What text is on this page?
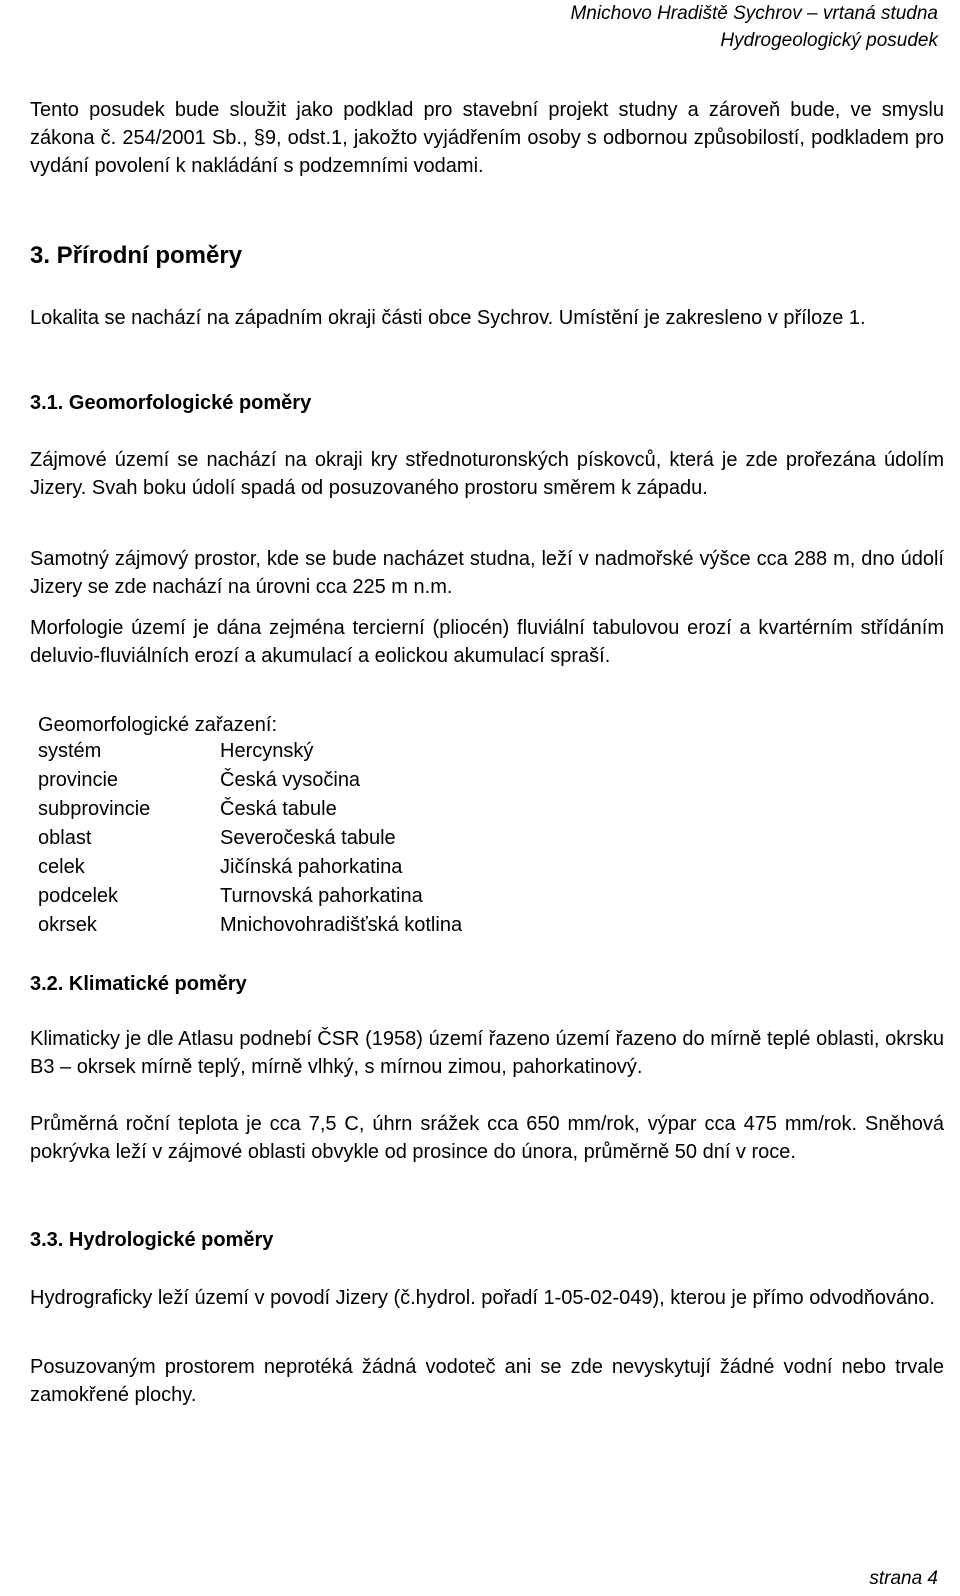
Mnichovo Hradiště Sychrov – vrtaná studna
Hydrogeologický posudek

Tento posudek bude sloužit jako podklad pro stavební projekt studny a zároveň bude, ve smyslu zákona č. 254/2001 Sb., §9, odst.1, jakožto vyjádřením osoby s odbornou způsobilostí, podkladem pro vydání povolení k nakládání s podzemními vodami.

3. Přírodní poměry

Lokalita se nachází na západním okraji části obce Sychrov. Umístění je zakresleno v příloze 1.

3.1. Geomorfologické poměry

Zájmové území se nachází na okraji kry střednoturonských pískovců, která je zde prořezána údolím Jizery. Svah boku údolí spadá od posuzovaného prostoru směrem k západu.

Samotný zájmový prostor, kde se bude nacházet studna, leží v nadmořské výšce cca 288 m, dno údolí Jizery se zde nachází na úrovni cca 225 m n.m.

Morfologie území je dána zejména tercierní (pliocén) fluviální tabulovou erozí a kvartérním střídáním deluvio-fluviálních erozí a akumulací a eolickou akumulací spraší.

Geomorfologické zařazení:
systém	Hercynský
provincie	Česká vysočina
subprovincie	Česká tabule
oblast	Severočeská tabule
celek	Jičínská pahorkatina
podcelek	Turnovská pahorkatina
okrsek	Mnichovohradišťská kotlina
3.2. Klimatické poměry

Klimaticky je dle Atlasu podnebí ČSR (1958) území řazeno území řazeno do mírně teplé oblasti, okrsku B3 – okrsek mírně teplý, mírně vlhký, s mírnou zimou, pahorkatinový.

Průměrná roční teplota je cca 7,5 C, úhrn srážek cca 650 mm/rok, výpar cca 475 mm/rok. Sněhová pokrývka leží v zájmové oblasti obvykle od prosince do února, průměrně 50 dní v roce.

3.3. Hydrologické poměry

Hydrograficky leží území v povodí Jizery (č.hydrol. pořadí 1-05-02-049), kterou je přímo odvodňováno.

Posuzovaným prostorem neprotéká žádná vodoteč ani se zde nevyskytují žádné vodní nebo trvale zamokřené plochy.

strana 4
